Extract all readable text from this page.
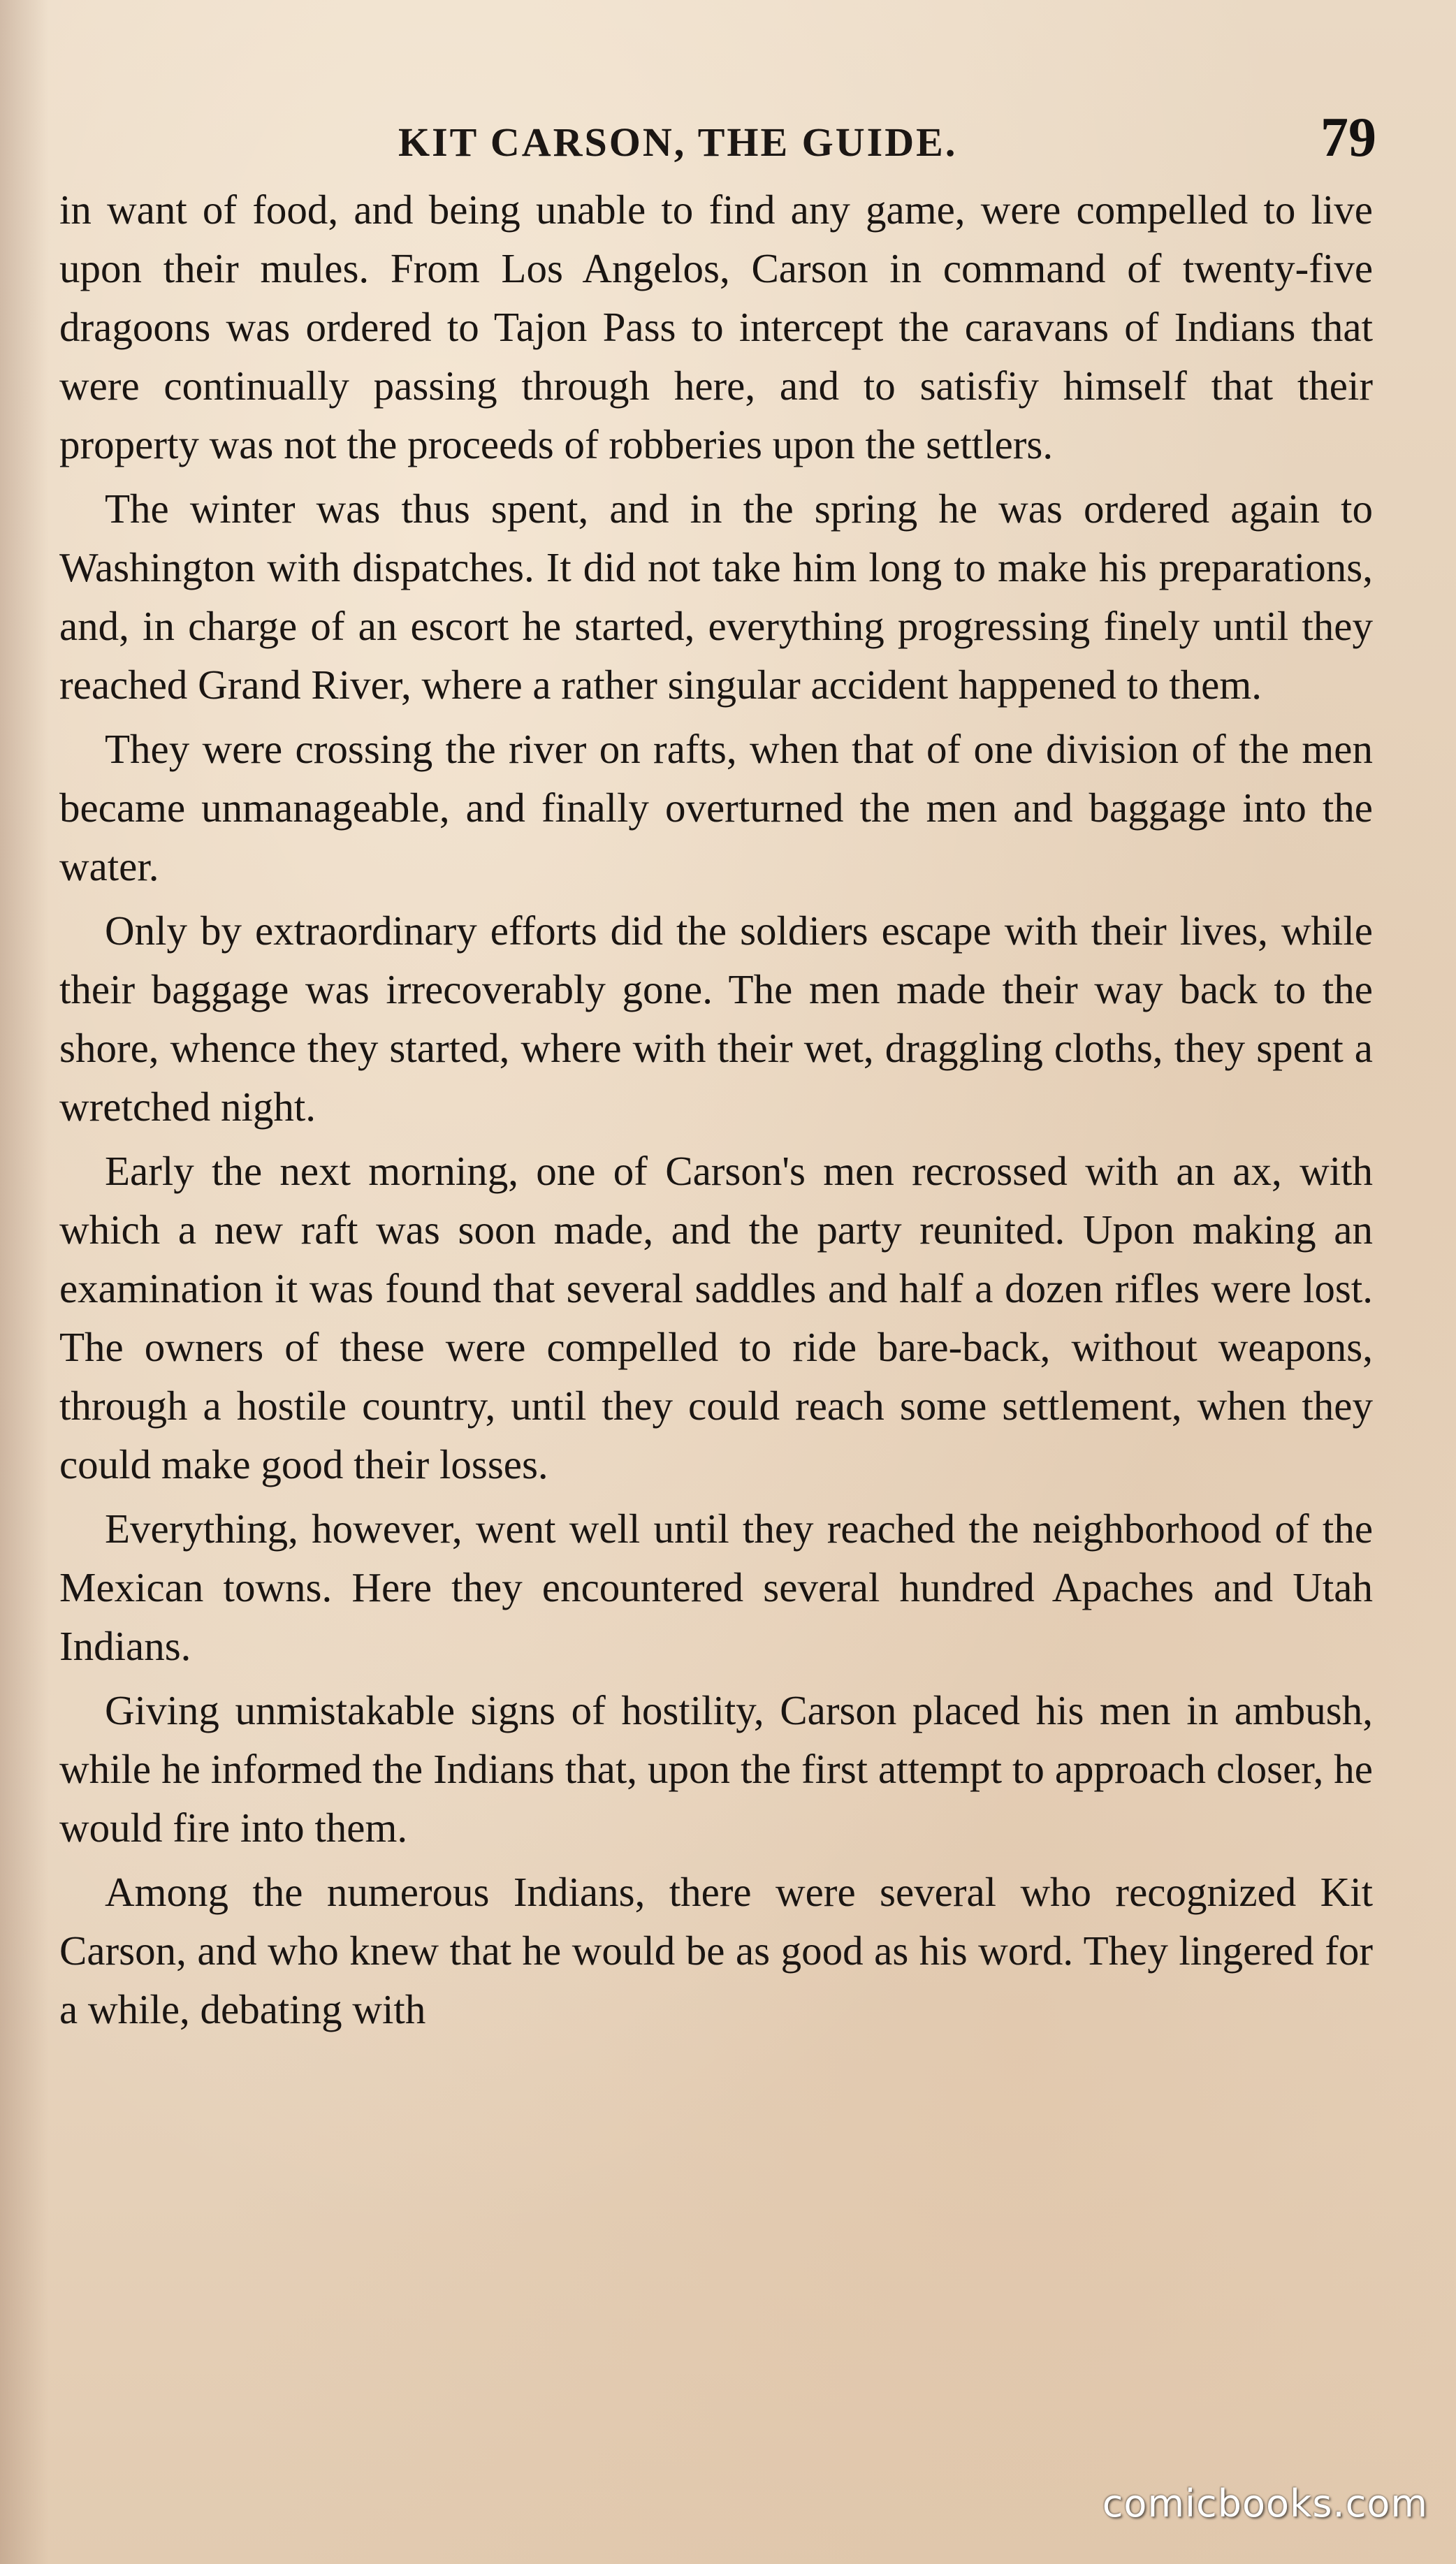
KIT CARSON, THE GUIDE.	79

in want of food, and being unable to find any game, were compelled to live upon their mules. From Los Angelos, Carson in command of twenty-five dragoons was ordered to Tajon Pass to intercept the caravans of Indians that were continually passing through here, and to satisfiy himself that their property was not the proceeds of robberies upon the settlers.

The winter was thus spent, and in the spring he was ordered again to Washington with dispatches. It did not take him long to make his preparations, and, in charge of an escort he started, everything progressing finely until they reached Grand River, where a rather singular accident happened to them.

They were crossing the river on rafts, when that of one division of the men became unmanageable, and finally overturned the men and baggage into the water.

Only by extraordinary efforts did the soldiers escape with their lives, while their baggage was irrecoverably gone. The men made their way back to the shore, whence they started, where with their wet, draggling cloths, they spent a wretched night.

Early the next morning, one of Carson's men recrossed with an ax, with which a new raft was soon made, and the party reunited. Upon making an examination it was found that several saddles and half a dozen rifles were lost. The owners of these were compelled to ride bare-back, without weapons, through a hostile country, until they could reach some settlement, when they could make good their losses.

Everything, however, went well until they reached the neighborhood of the Mexican towns. Here they encountered several hundred Apaches and Utah Indians.

Giving unmistakable signs of hostility, Carson placed his men in ambush, while he informed the Indians that, upon the first attempt to approach closer, he would fire into them.

Among the numerous Indians, there were several who recognized Kit Carson, and who knew that he would be as good as his word. They lingered for a while, debating with

comicbooks.com
